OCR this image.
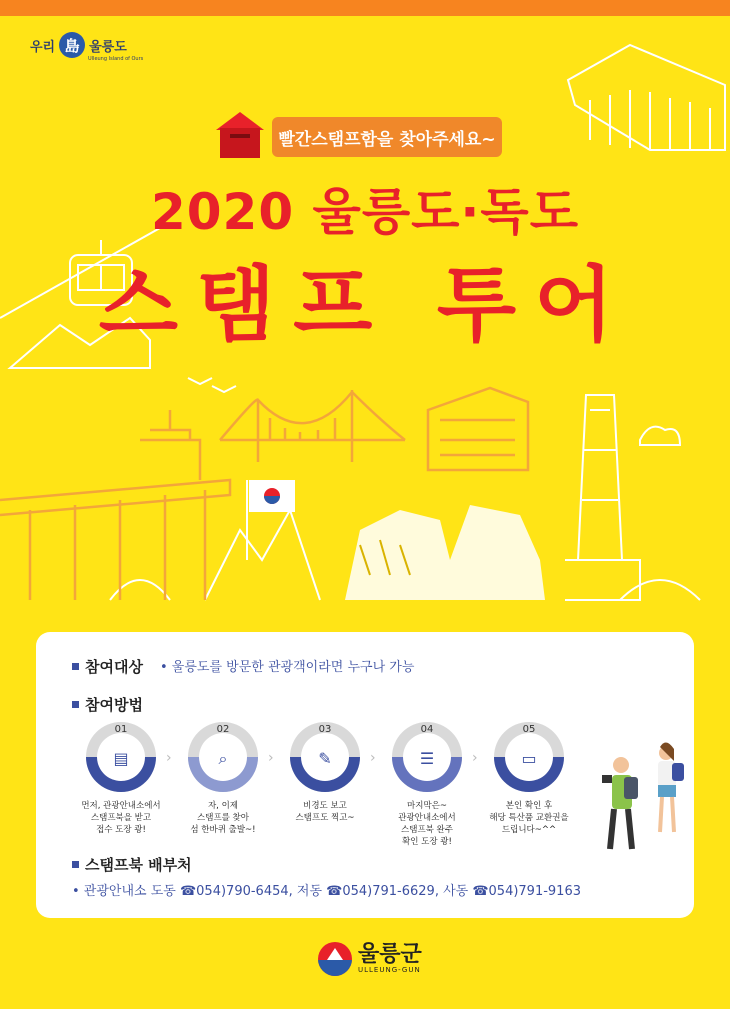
우리 島 울릉도
Ulleung Island of Ours
빨간스탬프함을 찾아주세요~
2020 울릉도·독도
스탬프 투어
참여대상 • 울릉도를 방문한 관광객이라면 누구나 가능
참여방법
01
▤
먼저, 관광안내소에서
스탬프북을 받고
접수 도장 쾅!
›
02
⌕
자, 이제
스탬프를 찾아
섬 한바퀴 출발~!
›
03
✎
비경도 보고
스탬프도 찍고~
›
04
☰
마지막은~
관광안내소에서
스탬프북 완주
확인 도장 쾅!
›
05
▭
본인 확인 후
해당 특산품 교환권을
드립니다~^^
스탬프북 배부처
• 관광안내소 도동 ☎054)790-6454, 저동 ☎054)791-6629, 사동 ☎054)791-9163
울릉군
ULLEUNG-GUN
